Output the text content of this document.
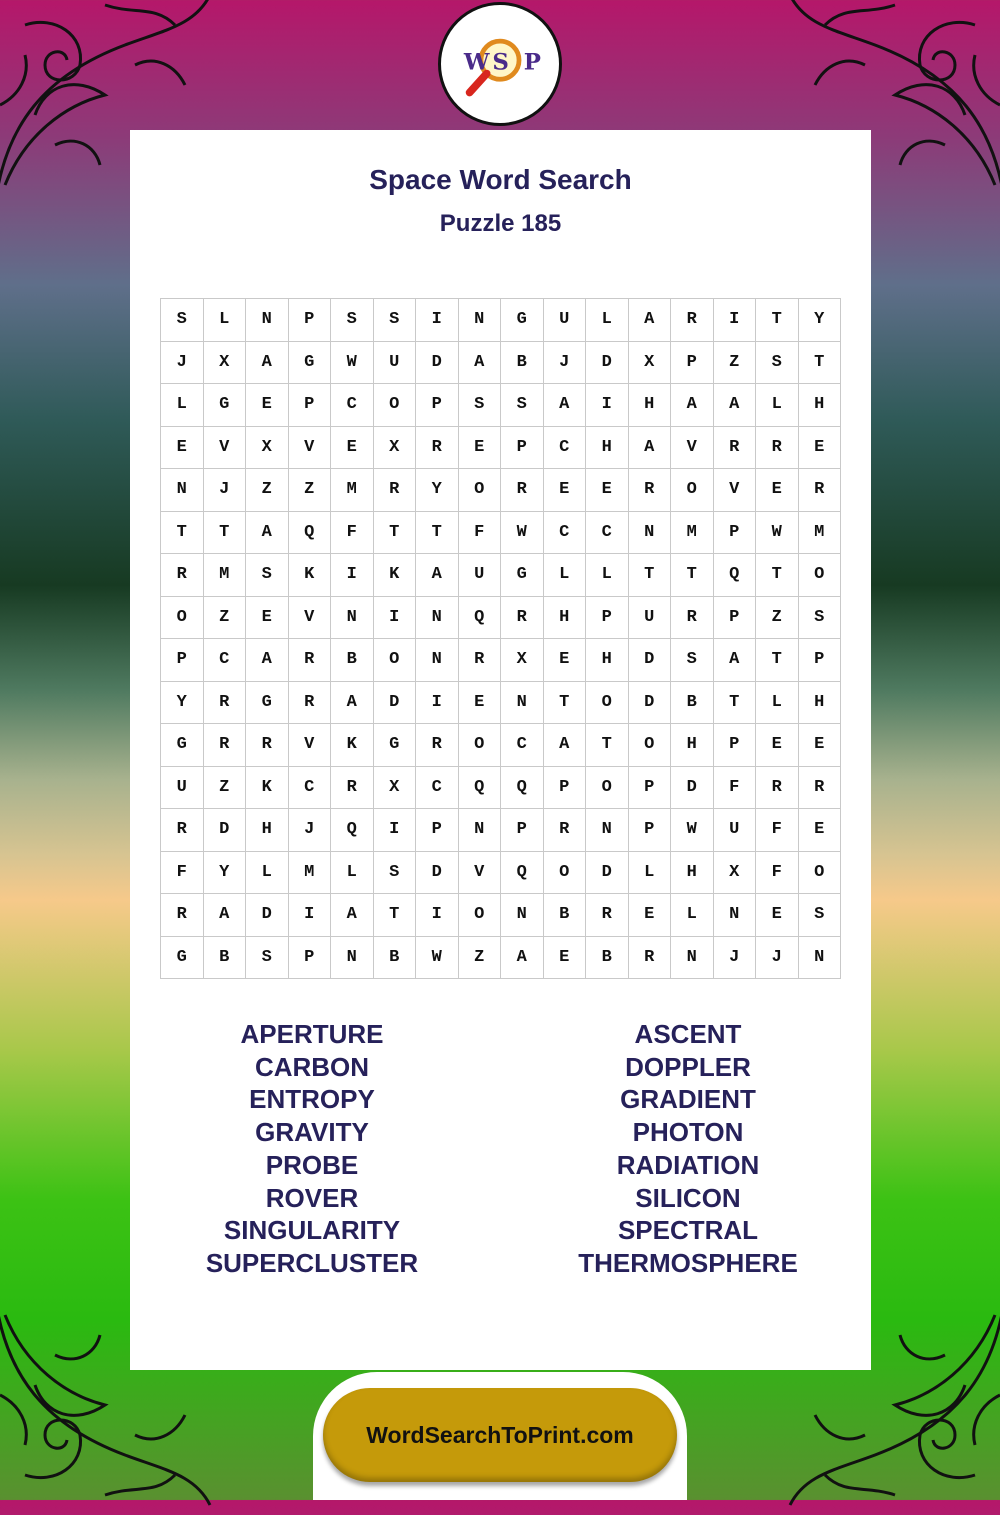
W S P
Space Word Search
Puzzle 185
S	L	N	P	S	S	I	N	G	U	L	A	R	I	T	Y
J	X	A	G	W	U	D	A	B	J	D	X	P	Z	S	T
L	G	E	P	C	O	P	S	S	A	I	H	A	A	L	H
E	V	X	V	E	X	R	E	P	C	H	A	V	R	R	E
N	J	Z	Z	M	R	Y	O	R	E	E	R	O	V	E	R
T	T	A	Q	F	T	T	F	W	C	C	N	M	P	W	M
R	M	S	K	I	K	A	U	G	L	L	T	T	Q	T	O
O	Z	E	V	N	I	N	Q	R	H	P	U	R	P	Z	S
P	C	A	R	B	O	N	R	X	E	H	D	S	A	T	P
Y	R	G	R	A	D	I	E	N	T	O	D	B	T	L	H
G	R	R	V	K	G	R	O	C	A	T	O	H	P	E	E
U	Z	K	C	R	X	C	Q	Q	P	O	P	D	F	R	R
R	D	H	J	Q	I	P	N	P	R	N	P	W	U	F	E
F	Y	L	M	L	S	D	V	Q	O	D	L	H	X	F	O
R	A	D	I	A	T	I	O	N	B	R	E	L	N	E	S
G	B	S	P	N	B	W	Z	A	E	B	R	N	J	J	N
APERTURE
CARBON
ENTROPY
GRAVITY
PROBE
ROVER
SINGULARITY
SUPERCLUSTER
ASCENT
DOPPLER
GRADIENT
PHOTON
RADIATION
SILICON
SPECTRAL
THERMOSPHERE
WordSearchToPrint.com
